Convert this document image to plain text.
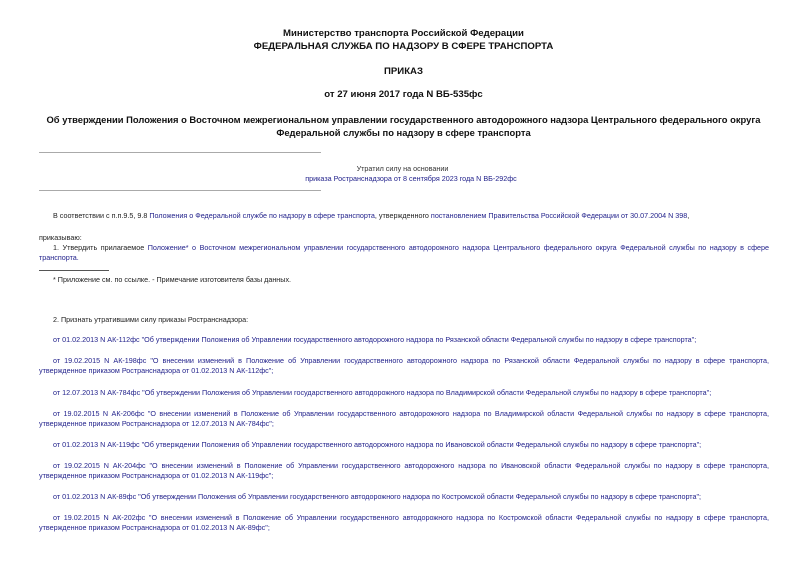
Министерство транспорта Российской Федерации
ФЕДЕРАЛЬНАЯ СЛУЖБА ПО НАДЗОРУ В СФЕРЕ ТРАНСПОРТА
ПРИКАЗ
от 27 июня 2017 года N ВБ-535фс
Об утверждении Положения о Восточном межрегиональном управлении государственного автодорожного надзора Центрального федерального округа
Федеральной службы по надзору в сфере транспорта
Утратил силу на основании
приказа Ространснадзора от 8 сентября 2023 года N ВБ-292фс
В соответствии с п.п.9.5, 9.8 Положения о Федеральной службе по надзору в сфере транспорта, утвержденного постановлением Правительства Российской Федерации от 30.07.2004 N 398,
приказываю:
1. Утвердить прилагаемое Положение* о Восточном межрегиональном управлении государственного автодорожного надзора Центрального федерального округа Федеральной службы по надзору в сфере транспорта.
* Приложение см. по ссылке. - Примечание изготовителя базы данных.
2. Признать утратившими силу приказы Ространснадзора:
от 01.02.2013 N АК-112фс "Об утверждении Положения об Управлении государственного автодорожного надзора по Рязанской области Федеральной службы по надзору в сфере транспорта";
от 19.02.2015 N АК-198фс "О внесении изменений в Положение об Управлении государственного автодорожного надзора по Рязанской области Федеральной службы по надзору в сфере транспорта, утвержденное приказом Ространснадзора от 01.02.2013 N АК-112фс";
от 12.07.2013 N АК-784фс "Об утверждении Положения об Управлении государственного автодорожного надзора по Владимирской области Федеральной службы по надзору в сфере транспорта";
от 19.02.2015 N АК-206фс "О внесении изменений в Положение об Управлении государственного автодорожного надзора по Владимирской области Федеральной службы по надзору в сфере транспорта, утвержденное приказом Ространснадзора от 12.07.2013 N АК-784фс";
от 01.02.2013 N АК-119фс "Об утверждении Положения об Управлении государственного автодорожного надзора по Ивановской области Федеральной службы по надзору в сфере транспорта";
от 19.02.2015 N АК-204фс "О внесении изменений в Положение об Управлении государственного автодорожного надзора по Ивановской области Федеральной службы по надзору в сфере транспорта, утвержденное приказом Ространснадзора от 01.02.2013 N АК-119фс";
от 01.02.2013 N АК-89фс "Об утверждении Положения об Управлении государственного автодорожного надзора по Костромской области Федеральной службы по надзору в сфере транспорта";
от 19.02.2015 N АК-202фс "О внесении изменений в Положение об Управлении государственного автодорожного надзора по Костромской области Федеральной службы по надзору в сфере транспорта, утвержденное приказом Ространснадзора от 01.02.2013 N АК-89фс";
